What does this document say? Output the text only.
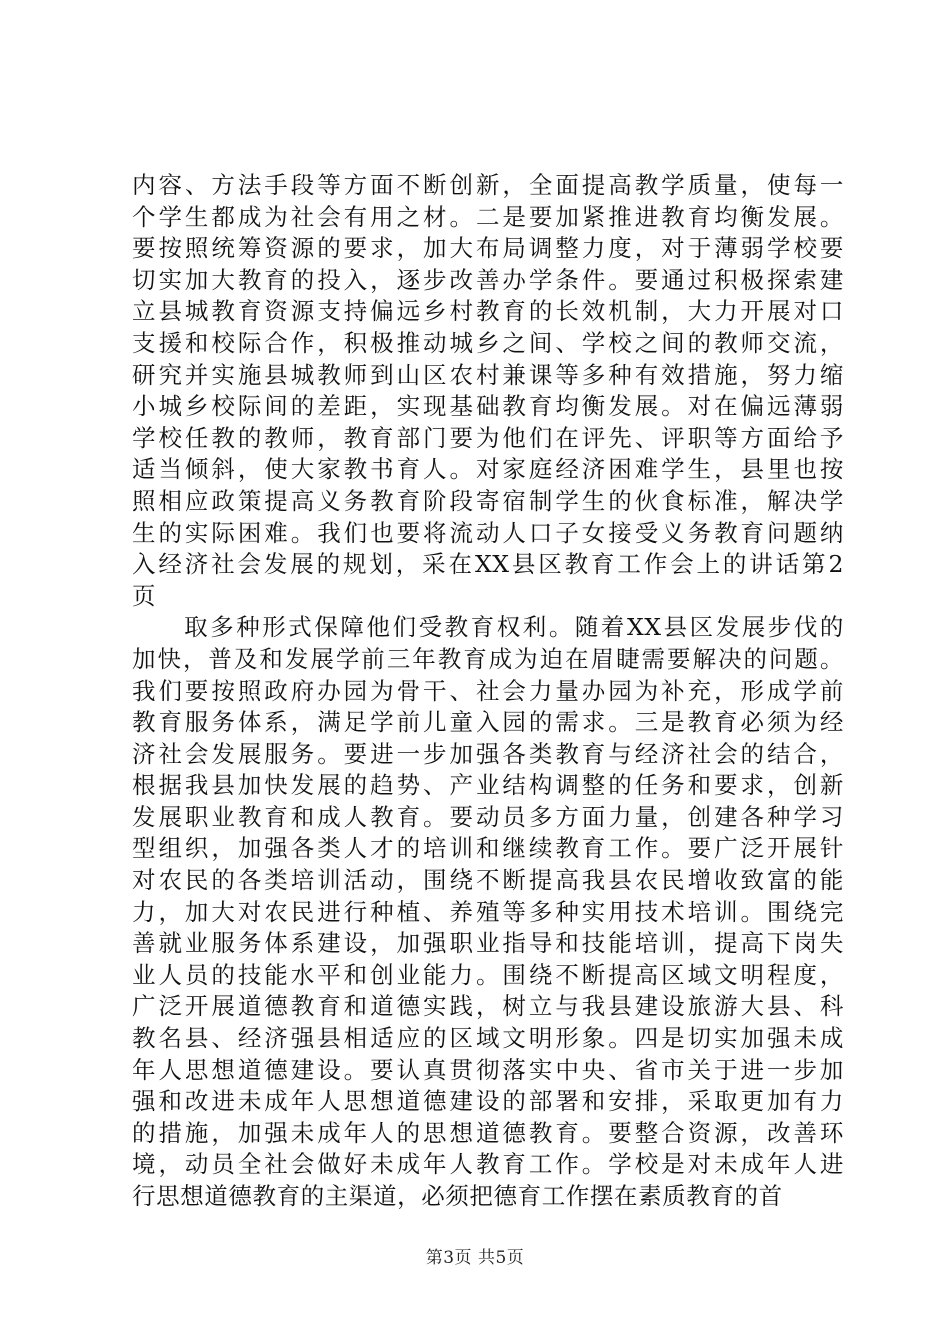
内容、方法手段等方面不断创新，全面提高教学质量，使每一
个学生都成为社会有用之材。二是要加紧推进教育均衡发展。
要按照统筹资源的要求，加大布局调整力度，对于薄弱学校要
切实加大教育的投入，逐步改善办学条件。要通过积极探索建
立县城教育资源支持偏远乡村教育的长效机制，大力开展对口
支援和校际合作，积极推动城乡之间、学校之间的教师交流，
研究并实施县城教师到山区农村兼课等多种有效措施，努力缩
小城乡校际间的差距，实现基础教育均衡发展。对在偏远薄弱
学校任教的教师，教育部门要为他们在评先、评职等方面给予
适当倾斜，使大家教书育人。对家庭经济困难学生，县里也按
照相应政策提高义务教育阶段寄宿制学生的伙食标准，解决学
生的实际困难。我们也要将流动人口子女接受义务教育问题纳
入经济社会发展的规划，采在XX县区教育工作会上的讲话第2
页
　　取多种形式保障他们受教育权利。随着XX县区发展步伐的
加快，普及和发展学前三年教育成为迫在眉睫需要解决的问题。
我们要按照政府办园为骨干、社会力量办园为补充，形成学前
教育服务体系，满足学前儿童入园的需求。三是教育必须为经
济社会发展服务。要进一步加强各类教育与经济社会的结合，
根据我县加快发展的趋势、产业结构调整的任务和要求，创新
发展职业教育和成人教育。要动员多方面力量，创建各种学习
型组织，加强各类人才的培训和继续教育工作。要广泛开展针
对农民的各类培训活动，围绕不断提高我县农民增收致富的能
力，加大对农民进行种植、养殖等多种实用技术培训。围绕完
善就业服务体系建设，加强职业指导和技能培训，提高下岗失
业人员的技能水平和创业能力。围绕不断提高区域文明程度，
广泛开展道德教育和道德实践，树立与我县建设旅游大县、科
教名县、经济强县相适应的区域文明形象。四是切实加强未成
年人思想道德建设。要认真贯彻落实中央、省市关于进一步加
强和改进未成年人思想道德建设的部署和安排，采取更加有力
的措施，加强未成年人的思想道德教育。要整合资源，改善环
境，动员全社会做好未成年人教育工作。学校是对未成年人进
行思想道德教育的主渠道，必须把德育工作摆在素质教育的首
第3页 共5页
